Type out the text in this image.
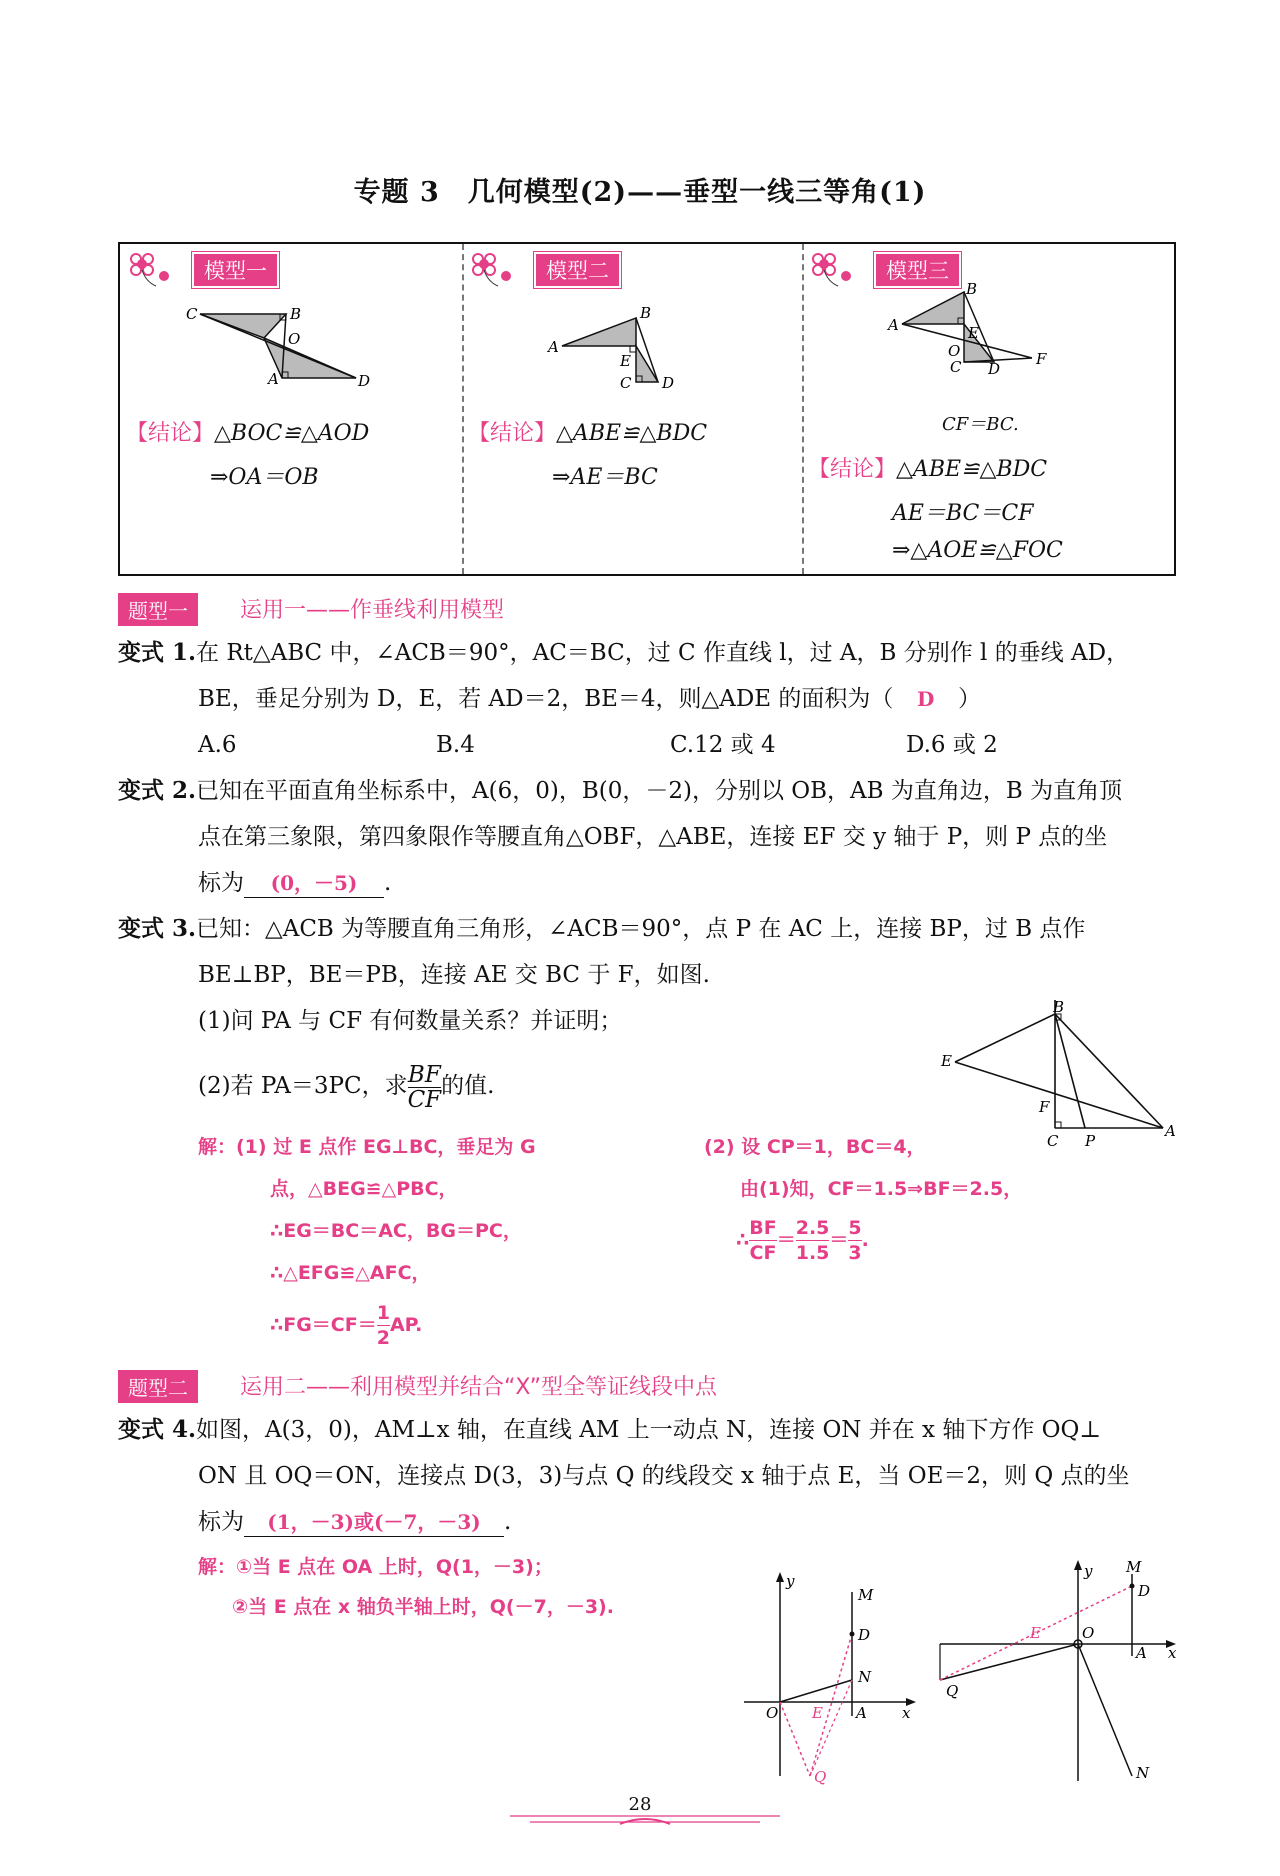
专题 3　几何模型(2)——垂型一线三等角(1)
模型一
C	B
O
A	D
【结论】△BOC≌△AOD
⇒OA＝OB
模型二
A
B
E
C D
【结论】△ABE≌△BDC
⇒AE＝BC
模型三
B
A	E
O
C D
F
CF＝BC.
【结论】△ABE≌△BDC
AE＝BC＝CF
⇒△AOE≌△FOC
题型一	运用一——作垂线利用模型
变式 1.在 Rt△ABC 中，∠ACB＝90°，AC＝BC，过 C 作直线 l，过 A，B 分别作 l 的垂线 AD，
BE，垂足分别为 D，E，若 AD＝2，BE＝4，则△ADE 的面积为（ D ）
A.6	B.4	C.12 或 4	D.6 或 2
变式 2.已知在平面直角坐标系中，A(6，0)，B(0，－2)，分别以 OB，AB 为直角边，B 为直角顶
点在第三象限，第四象限作等腰直角△OBF，△ABE，连接 EF 交 y 轴于 P，则 P 点的坐
标为 (0，－5) .
变式 3.已知：△ACB 为等腰直角三角形，∠ACB＝90°，点 P 在 AC 上，连接 BP，过 B 点作
BE⊥BP，BE＝PB，连接 AE 交 BC 于 F，如图.
(1)问 PA 与 CF 有何数量关系？并证明；
(2)若 PA＝3PC，求 $\frac{BF}{CF}$ 的值.
B
E
F
C P
A
解：(1) 过 E 点作 EG⊥BC，垂足为 G
点，△BEG≌△PBC，
∴EG＝BC＝AC，BG＝PC，
∴△EFG≌△AFC，
∴FG＝CF＝ $\frac{1}{2}$ AP.
(2) 设 CP＝1，BC＝4，
由(1)知，CF＝1.5⇒BF＝2.5，
∴ $\frac{BF}{CF} = \frac{2.5}{1.5} = \frac{5}{3}$ .
题型二	运用二——利用模型并结合“X”型全等证线段中点
变式 4.如图，A(3，0)，AM⊥x 轴，在直线 AM 上一动点 N，连接 ON 并在 x 轴下方作 OQ⊥
ON 且 OQ＝ON，连接点 D(3，3)与点 Q 的线段交 x 轴于点 E，当 OE＝2，则 Q 点的坐
标为 (1，－3)或(－7，－3) .
解：①当 E 点在 OA 上时，Q(1，－3)；
②当 E 点在 x 轴负半轴上时，Q(－7，－3).
y
M
D
N
O E A x
Q
y M
D
E	O
A x
Q
N
28
